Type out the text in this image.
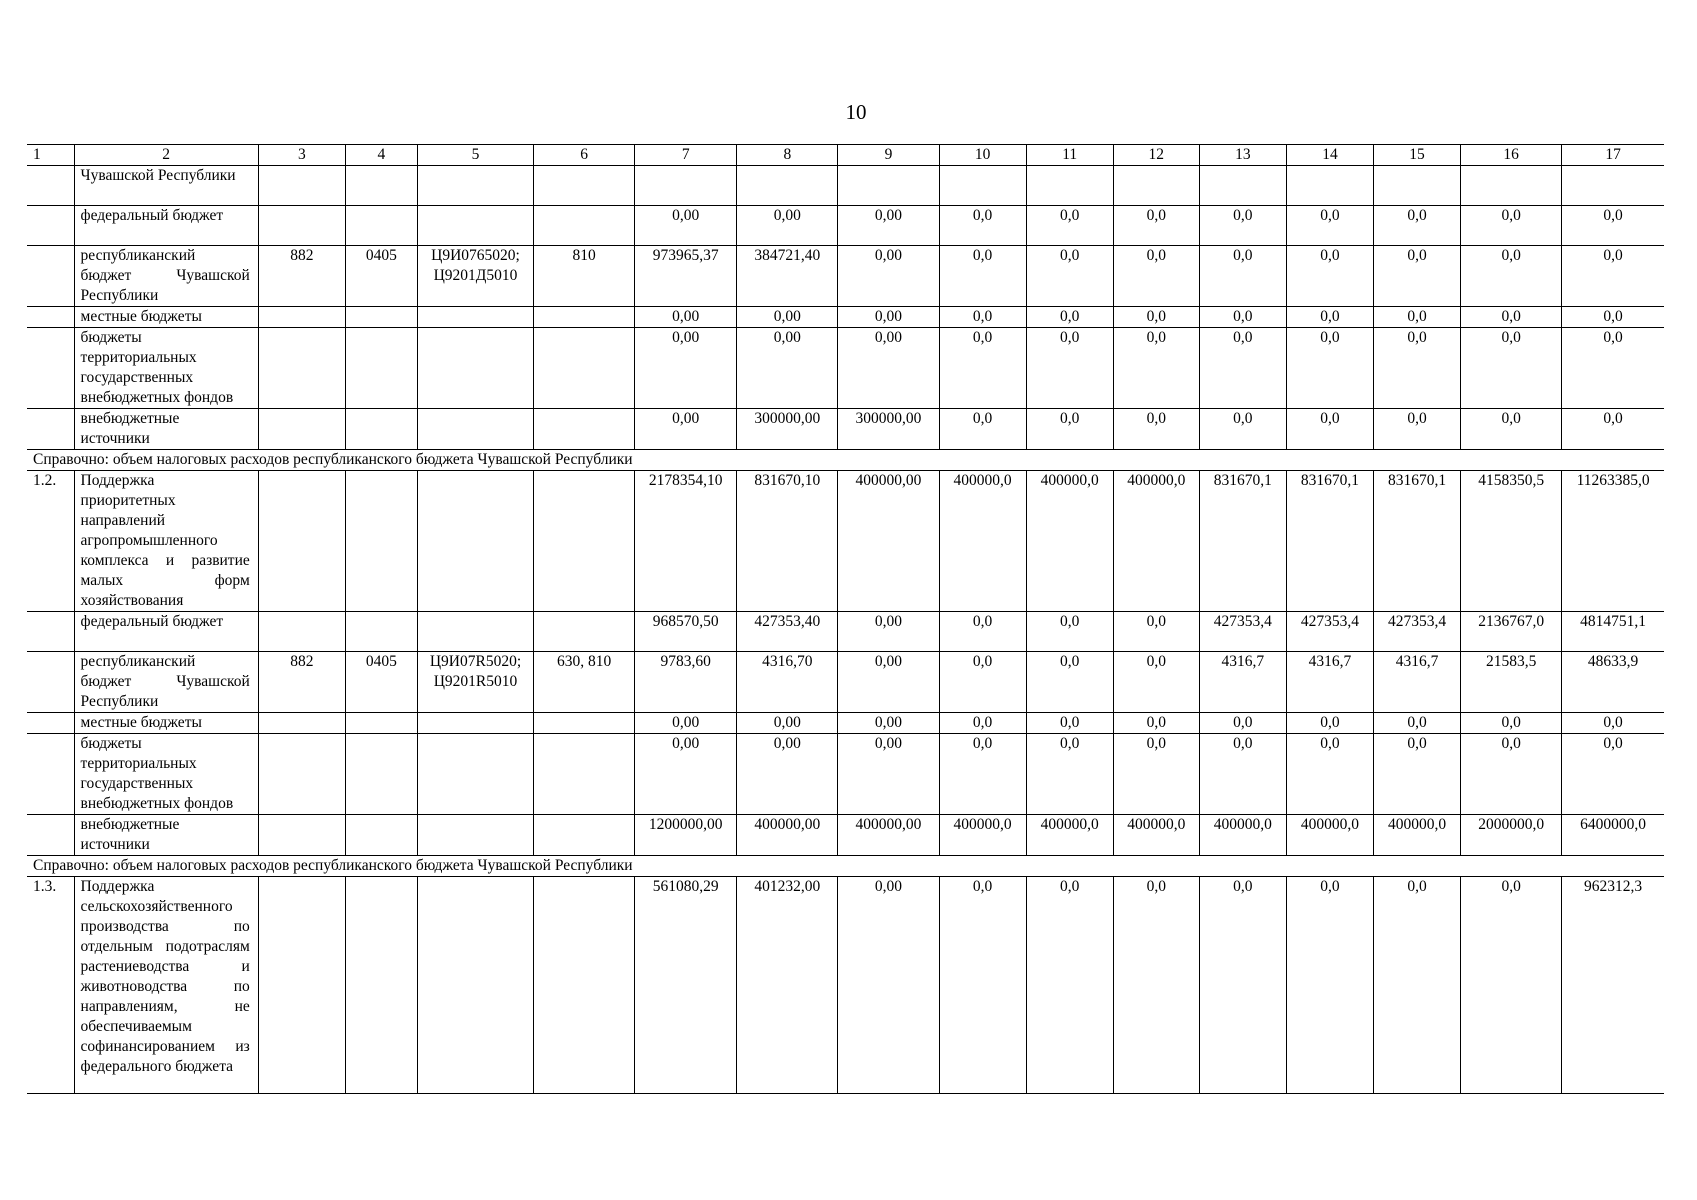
10
1	2	3	4	5	6	7	8	9	10	11	12	13	14	15	16	17
	Чувашской Республики															
	федеральный бюджет					0,00	0,00	0,00	0,0	0,0	0,0	0,0	0,0	0,0	0,0	0,0
	республиканский бюджет Чувашской Республики	882	0405	Ц9И0765020; Ц9201Д5010	810	973965,37	384721,40	0,00	0,0	0,0	0,0	0,0	0,0	0,0	0,0	0,0
	местные бюджеты					0,00	0,00	0,00	0,0	0,0	0,0	0,0	0,0	0,0	0,0	0,0
	бюджеты территориальных государственных внебюджетных фондов					0,00	0,00	0,00	0,0	0,0	0,0	0,0	0,0	0,0	0,0	0,0
	внебюджетные источники					0,00	300000,00	300000,00	0,0	0,0	0,0	0,0	0,0	0,0	0,0	0,0
Справочно: объем налоговых расходов республиканского бюджета Чувашской Республики																
1.2.	Поддержка приоритетных направлений агропромышленного комплекса и развитие малых форм хозяйствования					2178354,10	831670,10	400000,00	400000,0	400000,0	400000,0	831670,1	831670,1	831670,1	4158350,5	11263385,0
	федеральный бюджет					968570,50	427353,40	0,00	0,0	0,0	0,0	427353,4	427353,4	427353,4	2136767,0	4814751,1
	республиканский бюджет Чувашской Республики	882	0405	Ц9И07R5020; Ц9201R5010	630, 810	9783,60	4316,70	0,00	0,0	0,0	0,0	4316,7	4316,7	4316,7	21583,5	48633,9
	местные бюджеты					0,00	0,00	0,00	0,0	0,0	0,0	0,0	0,0	0,0	0,0	0,0
	бюджеты территориальных государственных внебюджетных фондов					0,00	0,00	0,00	0,0	0,0	0,0	0,0	0,0	0,0	0,0	0,0
	внебюджетные источники					1200000,00	400000,00	400000,00	400000,0	400000,0	400000,0	400000,0	400000,0	400000,0	2000000,0	6400000,0
Справочно: объем налоговых расходов республиканского бюджета Чувашской Республики																
1.3.	Поддержка сельскохозяйственного производства по отдельным подотраслям растениеводства и животноводства по направлениям, не обеспечиваемым софинансированием из федерального бюджета					561080,29	401232,00	0,00	0,0	0,0	0,0	0,0	0,0	0,0	0,0	962312,3
